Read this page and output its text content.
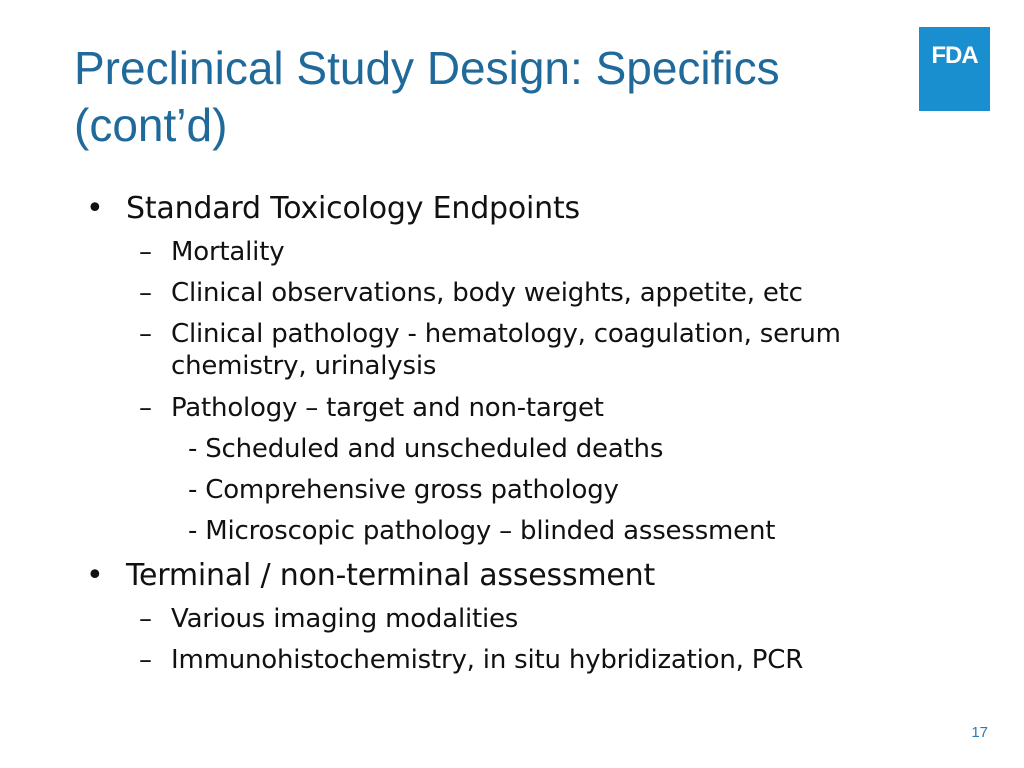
Preclinical Study Design: Specifics
(cont’d)
FDA
• Standard Toxicology Endpoints
– Mortality
– Clinical observations, body weights, appetite, etc
– Clinical pathology - hematology, coagulation, serum
chemistry, urinalysis
– Pathology – target and non-target
- Scheduled and unscheduled deaths
- Comprehensive gross pathology
- Microscopic pathology – blinded assessment
• Terminal / non-terminal assessment
– Various imaging modalities
– Immunohistochemistry, in situ hybridization, PCR
17
